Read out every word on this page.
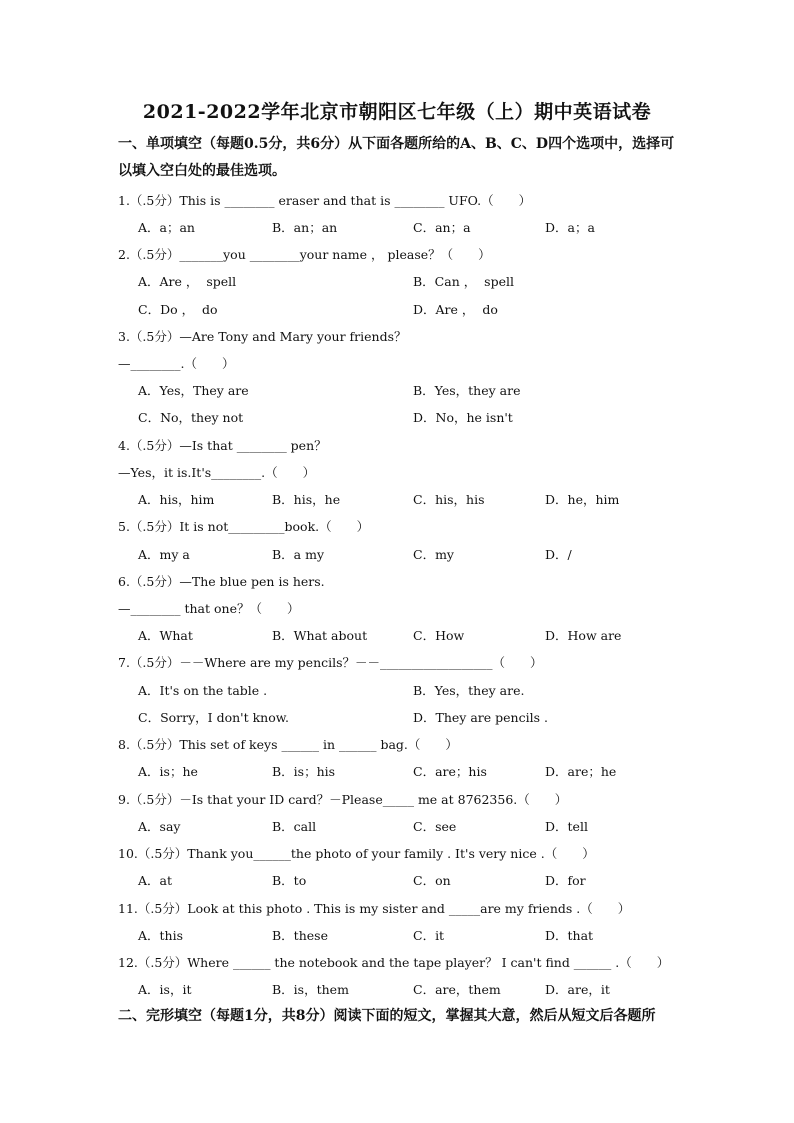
2021-2022学年北京市朝阳区七年级（上）期中英语试卷
一、单项填空（每题0.5分，共6分）从下面各题所给的A、B、C、D四个选项中，选择可以填入空白处的最佳选项。
1.（.5分）This is ________ eraser and that is ________ UFO.（　　）
A．a；an	B．an；an	C．an；a	D．a；a
2.（.5分）_______you ________your name ， please？（　　）
A．Are ，  spell	B．Can ，  spell
C．Do ，  do	D．Are ，  do
3.（.5分）—Are Tony and Mary your friends？
—________.（　　）
A．Yes，They are	B．Yes，they are
C．No，they not	D．No，he isn't
4.（.5分）—Is that ________ pen？
—Yes，it is.It's________.（　　）
A．his，him	B．his，he	C．his，his	D．he，him
5.（.5分）It is not_________book.（　　）
A．my a	B．a my	C．my	D．/
6.（.5分）—The blue pen is hers.
—________ that one？（　　）
A．What	B．What about	C．How	D．How are
7.（.5分）－－Where are my pencils？－－__________________（　　）
A．It's on the table .	B．Yes，they are.
C．Sorry，I don't know.	D．They are pencils .
8.（.5分）This set of keys ______ in ______ bag.（　　）
A．is；he	B．is；his	C．are；his	D．are；he
9.（.5分）－Is that your ID card？－Please_____ me at 8762356.（　　）
A．say	B．call	C．see	D．tell
10.（.5分）Thank you______the photo of your family . It's very nice .（　　）
A．at	B．to	C．on	D．for
11.（.5分）Look at this photo . This is my sister and _____are my friends .（　　）
A．this	B．these	C．it	D．that
12.（.5分）Where ______ the notebook and the tape player？ I can't find ______ .（　　）
A．is，it	B．is，them	C．are，them	D．are，it
二、完形填空（每题1分，共8分）阅读下面的短文，掌握其大意，然后从短文后各题所
